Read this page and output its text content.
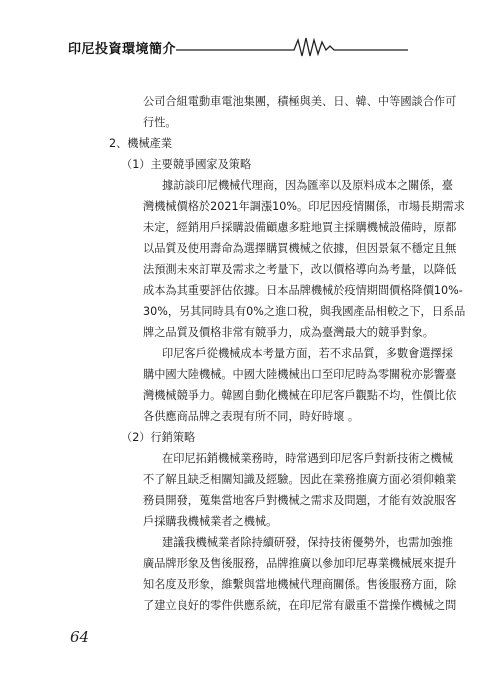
印尼投資環境簡介
公司合組電動車電池集團，積極與美、日、韓、中等國談合作可
行性。
2、機械產業
（1）主要競爭國家及策略
據訪談印尼機械代理商，因為匯率以及原料成本之關係，臺
灣機械價格於2021年調漲10%。印尼因疫情關係，市場長期需求
未定，經銷用戶採購設備顧慮多駐地買主採購機械設備時，原都
以品質及使用壽命為選擇購買機械之依據，但因景氣不穩定且無
法預測未來訂單及需求之考量下，改以價格導向為考量，以降低
成本為其重要評估依據。日本品牌機械於疫情期間價格降價10%-
30%，另其同時具有0%之進口稅，與我國產品相較之下，日系品
牌之品質及價格非常有競爭力，成為臺灣最大的競爭對象。
印尼客戶從機械成本考量方面，若不求品質，多數會選擇採
購中國大陸機械。中國大陸機械出口至印尼時為零關稅亦影響臺
灣機械競爭力。韓國自動化機械在印尼客戶觀點不均，性價比依
各供應商品牌之表現有所不同，時好時壞 。
（2）行銷策略
在印尼拓銷機械業務時，時常遇到印尼客戶對新技術之機械
不了解且缺乏相關知識及經驗。因此在業務推廣方面必須仰賴業
務員開發，蒐集當地客戶對機械之需求及問題，才能有效說服客
戶採購我機械業者之機械。
建議我機械業者除持續研發，保持技術優勢外，也需加強推
廣品牌形象及售後服務，品牌推廣以參加印尼專業機械展來提升
知名度及形象，維繫與當地機械代理商關係。售後服務方面，除
了建立良好的零件供應系統，在印尼常有嚴重不當操作機械之問
64
